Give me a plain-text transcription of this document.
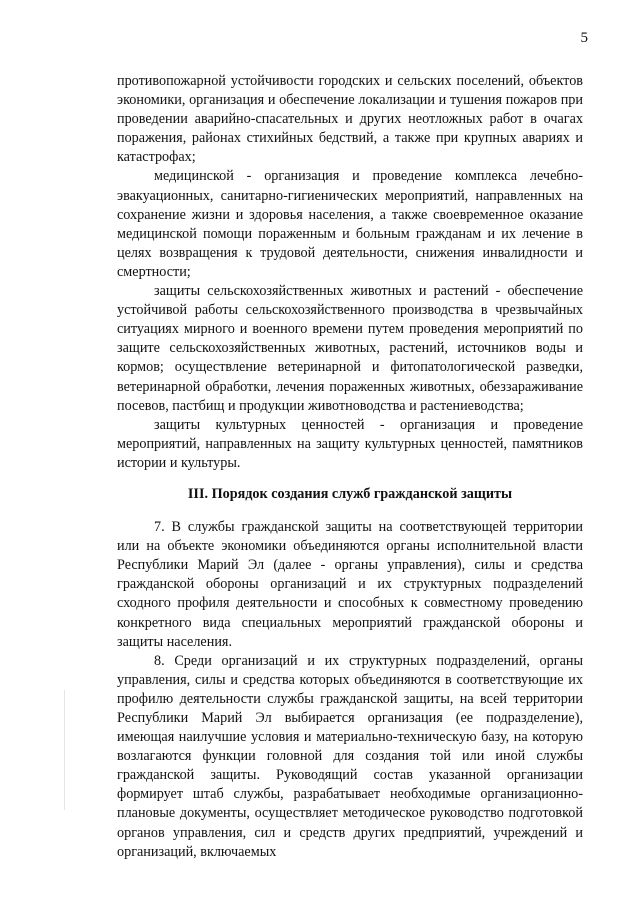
5

противопожарной устойчивости городских и сельских поселений, объектов экономики, организация и обеспечение локализации и тушения пожаров при проведении аварийно-спасательных и других неотложных работ в очагах поражения, районах стихийных бедствий, а также при крупных авариях и катастрофах;

медицинской - организация и проведение комплекса лечебно-эвакуационных, санитарно-гигиенических мероприятий, направленных на сохранение жизни и здоровья населения, а также своевременное оказание медицинской помощи пораженным и больным гражданам и их лечение в целях возвращения к трудовой деятельности, снижения инвалидности и смертности;

защиты сельскохозяйственных животных и растений - обеспечение устойчивой работы сельскохозяйственного производства в чрезвычайных ситуациях мирного и военного времени путем проведения мероприятий по защите сельскохозяйственных животных, растений, источников воды и кормов; осуществление ветеринарной и фитопатологической разведки, ветеринарной обработки, лечения пораженных животных, обеззараживание посевов, пастбищ и продукции животноводства и растениеводства;

защиты культурных ценностей - организация и проведение мероприятий, направленных на защиту культурных ценностей, памятников истории и культуры.

III. Порядок создания служб гражданской защиты

7. В службы гражданской защиты на соответствующей территории или на объекте экономики объединяются органы исполнительной власти Республики Марий Эл (далее - органы управления), силы и средства гражданской обороны организаций и их структурных подразделений сходного профиля деятельности и способных к совместному проведению конкретного вида специальных мероприятий гражданской обороны и защиты населения.

8. Среди организаций и их структурных подразделений, органы управления, силы и средства которых объединяются в соответствующие их профилю деятельности службы гражданской защиты, на всей территории Республики Марий Эл выбирается организация (ее подразделение), имеющая наилучшие условия и материально-техническую базу, на которую возлагаются функции головной для создания той или иной службы гражданской защиты. Руководящий состав указанной организации формирует штаб службы, разрабатывает необходимые организационно-плановые документы, осуществляет методическое руководство подготовкой органов управления, сил и средств других предприятий, учреждений и организаций, включаемых
